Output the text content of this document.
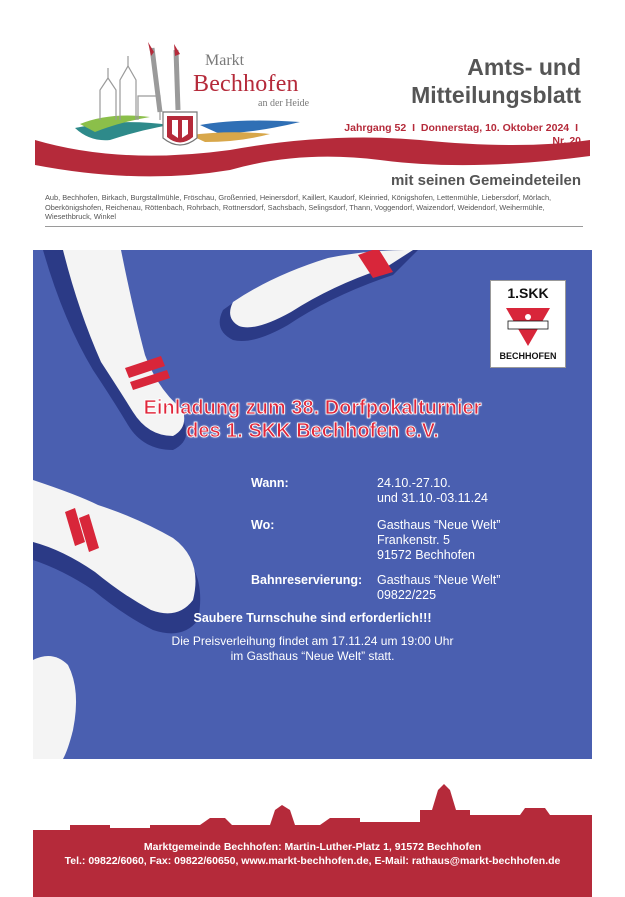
Markt
Bechhofen
an der Heide
Amts- und
Mitteilungsblatt
Jahrgang 52 I Donnerstag, 10. Oktober 2024 I Nr. 20
mit seinen Gemeindeteilen
Aub, Bechhofen, Birkach, Burgstallmühle, Fröschau, Großenried, Heinersdorf, Kaillert, Kaudorf, Kleinried, Königshofen, Lettenmühle, Liebersdorf, Mörlach, Oberkönigshofen, Reichenau, Röttenbach, Rohrbach, Rottnersdorf, Sachsbach, Selingsdorf, Thann, Voggendorf, Waizendorf, Weidendorf, Weihermühle, Wiesethbruck, Winkel
1.SKK
BECHHOFEN
Einladung zum 38. Dorfpokalturnier
des 1. SKK Bechhofen e.V.
Wann:	24.10.-27.10.
und 31.10.-03.11.24
Wo:	Gasthaus “Neue Welt”
Frankenstr. 5
91572 Bechhofen
Bahnreservierung: Gasthaus “Neue Welt”
09822/225
Saubere Turnschuhe sind erforderlich!!!
Die Preisverleihung findet am 17.11.24 um 19:00 Uhr
im Gasthaus “Neue Welt” statt.
Marktgemeinde Bechhofen: Martin-Luther-Platz 1, 91572 Bechhofen
Tel.: 09822/6060, Fax: 09822/60650, www.markt-bechhofen.de, E-Mail: rathaus@markt-bechhofen.de
